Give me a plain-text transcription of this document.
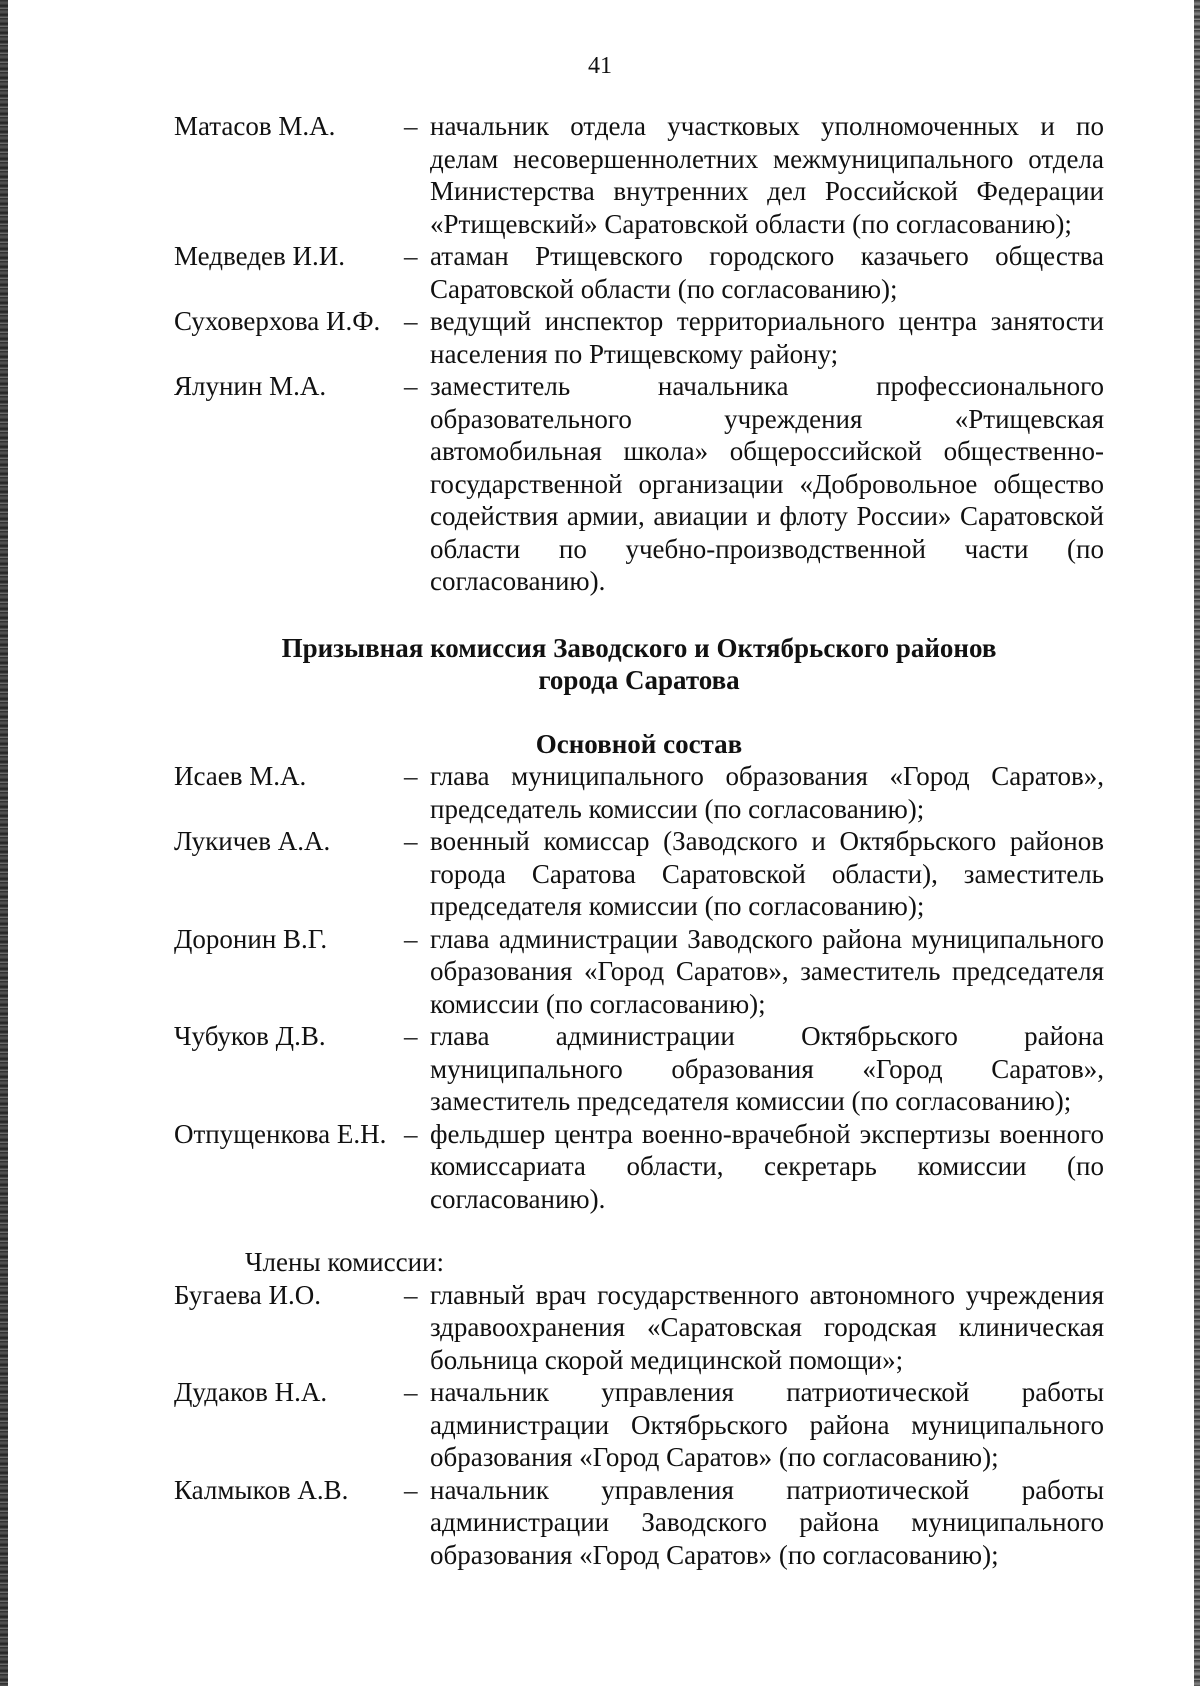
41
Матасов М.А.	– начальник отдела участковых уполномоченных и по делам несовершеннолетних межмуниципального отдела Министерства внутренних дел Российской Федерации «Ртищевский» Саратовской области (по согласованию);
Медведев И.И.	– атаман Ртищевского городского казачьего общества Саратовской области (по согласованию);
Суховерхова И.Ф. – ведущий инспектор территориального центра занятости населения по Ртищевскому району;
Ялунин М.А.	– заместитель начальника профессионального образовательного учреждения «Ртищевская автомобильная школа» общероссийской общественно-государственной организации «Добровольное общество содействия армии, авиации и флоту России» Саратовской области по учебно-производственной части (по согласованию).
Призывная комиссия Заводского и Октябрьского районов
города Саратова
Основной состав
Исаев М.А.	– глава муниципального образования «Город Саратов», председатель комиссии (по согласованию);
Лукичев А.А.	– военный комиссар (Заводского и Октябрьского районов города Саратова Саратовской области), заместитель председателя комиссии (по согласованию);
Доронин В.Г.	– глава администрации Заводского района муниципального образования «Город Саратов», заместитель председателя комиссии (по согласованию);
Чубуков Д.В.	– глава администрации Октябрьского района муниципального образования «Город Саратов», заместитель председателя комиссии (по согласованию);
Отпущенкова Е.Н. – фельдшер центра военно-врачебной экспертизы военного комиссариата области, секретарь комиссии (по согласованию).
Члены комиссии:
Бугаева И.О.	– главный врач государственного автономного учреждения здравоохранения «Саратовская городская клиническая больница скорой медицинской помощи»;
Дудаков Н.А.	– начальник управления патриотической работы администрации Октябрьского района муниципального образования «Город Саратов» (по согласованию);
Калмыков А.В.	– начальник управления патриотической работы администрации Заводского района муниципального образования «Город Саратов» (по согласованию);
